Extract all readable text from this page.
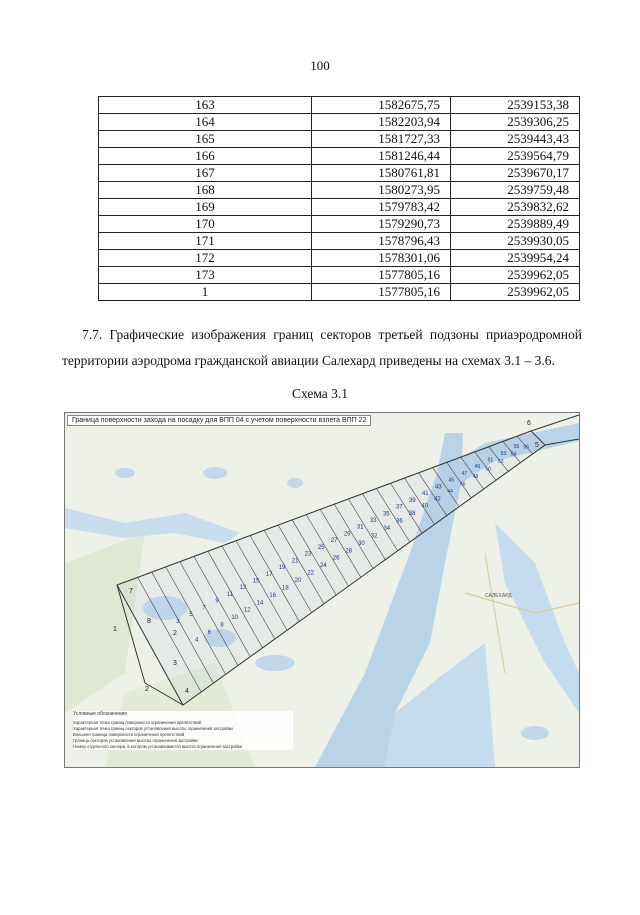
100
163	1582675,75	2539153,38
164	1582203,94	2539306,25
165	1581727,33	2539443,43
166	1581246,44	2539564,79
167	1580761,81	2539670,17
168	1580273,95	2539759,48
169	1579783,42	2539832,62
170	1579290,73	2539889,49
171	1578796,43	2539930,05
172	1578301,06	2539954,24
173	1577805,16	2539962,05
1	1577805,16	2539962,05
7.7. Графические изображения границ секторов третьей подзоны приаэродромной
территории аэродрома гражданской авиации Салехард приведены на схемах 3.1 – 3.6.
Схема 3.1
Граница поверхности захода на посадку для ВПП 04 с учетом поверхности взлета ВПП 22
3
4
5
6
7
8
9
10
11
12
13
14
15
16
17
18
19
20
21
22
23
24
25
26
27
28
29
30
31
32
33
34
35
36
37
38
39
40
41
42
43
44
45
46
47 48
49 50
51 52
53 54
55 56
7
1
8
2
3
2	4
5
6
САЛЕХАРД
Условные обозначения
Характерная точка границ поверхности ограничения препятствий
Характерная точка границ секторов установления высоты ограничения застройки
Внешняя граница поверхности ограничения препятствий
Граница секторов установления высоты ограничения застройки
Номер отдельного сектора, в котором устанавливается высота ограничения застройки
